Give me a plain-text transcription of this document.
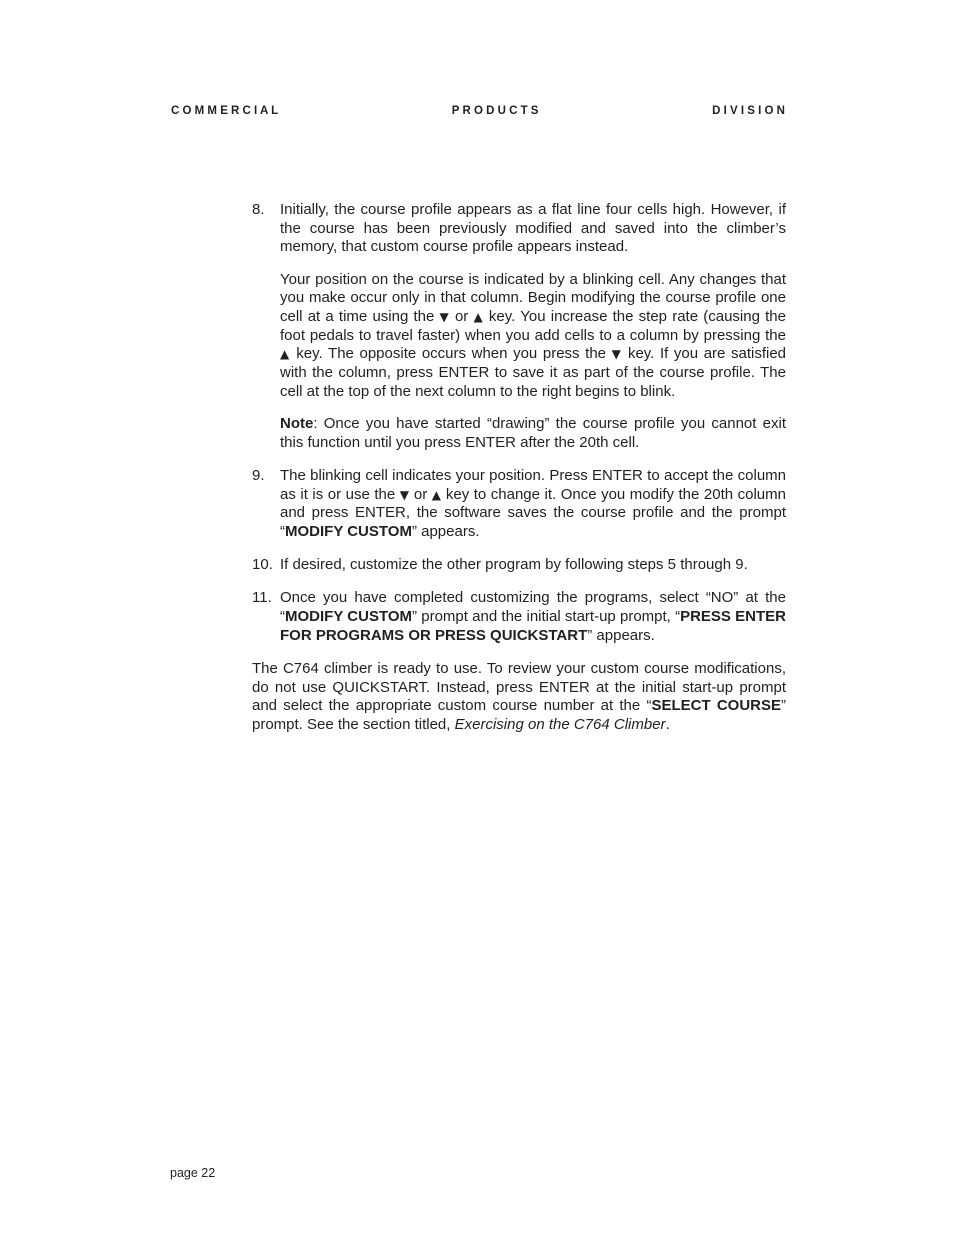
C O M M E R C I A L	P R O D U C T S	D I V I S I O N
8.	Initially, the course profile appears as a flat line four cells high. However, if the course has been previously modified and saved into the climber’s memory, that custom course profile appears instead.

Your position on the course is indicated by a blinking cell. Any changes that you make occur only in that column. Begin modifying the course profile one cell at a time using the ▼ or ▲ key. You increase the step rate (causing the foot pedals to travel faster) when you add cells to a column by pressing the ▲ key. The opposite occurs when you press the ▼ key. If you are satisfied with the column, press ENTER to save it as part of the course profile. The cell at the top of the next column to the right begins to blink.

Note: Once you have started “drawing” the course profile you cannot exit this function until you press ENTER after the 20th cell.

9.	The blinking cell indicates your position. Press ENTER to accept the column as it is or use the ▼ or ▲ key to change it. Once you modify the 20th column and press ENTER, the software saves the course profile and the prompt “MODIFY CUSTOM” appears.

10. If desired, customize the other program by following steps 5 through 9.

11. Once you have completed customizing the programs, select “NO” at the “MODIFY CUSTOM” prompt and the initial start-up prompt, “PRESS ENTER FOR PROGRAMS OR PRESS QUICKSTART” appears.

The C764 climber is ready to use. To review your custom course modifications,
do not use QUICKSTART. Instead, press ENTER at the initial start-up prompt
and select the appropriate custom course number at the “SELECT COURSE”
prompt. See the section titled, Exercising on the C764 Climber.

page 22
